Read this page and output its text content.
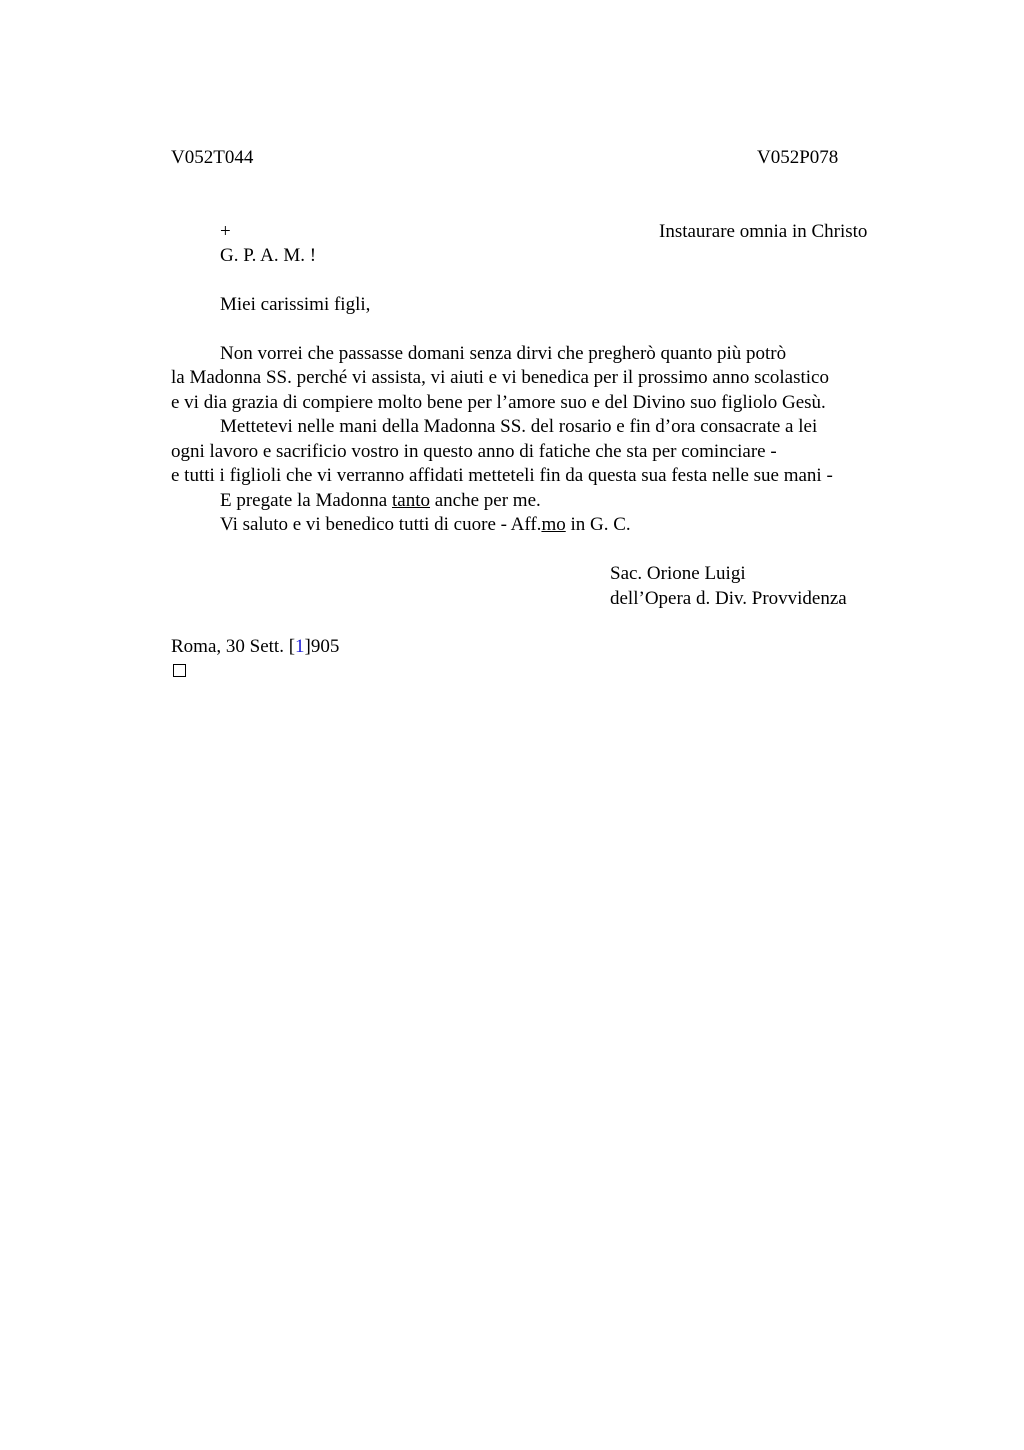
V052T044	V052P078
+	Instaurare omnia in Christo
G. P. A. M. !
Miei carissimi figli,
Non vorrei che passasse domani senza dirvi che pregherò quanto più potrò
la Madonna SS. perché vi assista, vi aiuti e vi benedica per il prossimo anno scolastico
e vi dia grazia di compiere molto bene per l’amore suo e del Divino suo figliolo Gesù.
Mettetevi nelle mani della Madonna SS. del rosario e fin d’ora consacrate a lei
ogni lavoro e sacrificio vostro in questo anno di fatiche che sta per cominciare -
e tutti i figlioli che vi verranno affidati metteteli fin da questa sua festa nelle sue mani -
E pregate la Madonna tanto anche per me.
Vi saluto e vi benedico tutti di cuore - Aff.mo in G. C.
Sac. Orione Luigi
dell’Opera d. Div. Provvidenza
Roma, 30 Sett. [1]905
